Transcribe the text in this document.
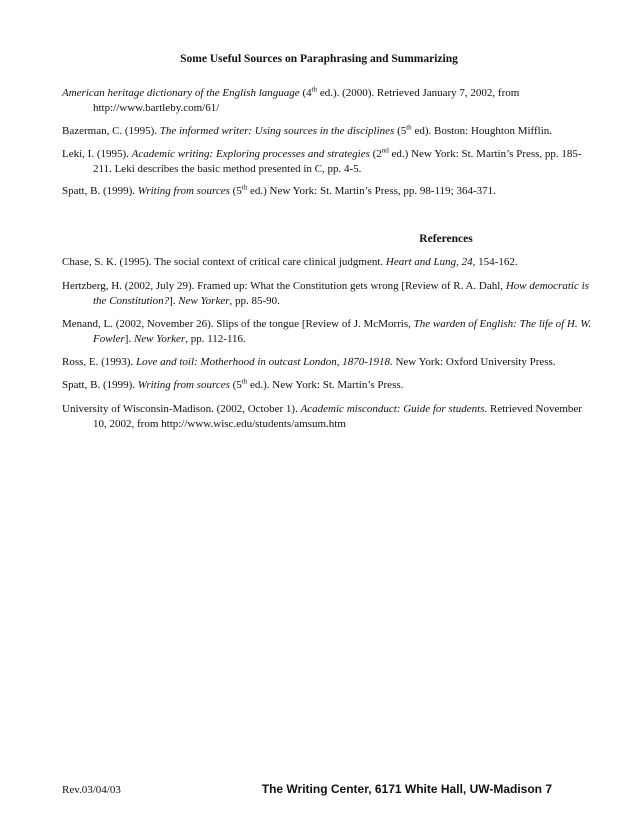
Some Useful Sources on Paraphrasing and Summarizing
American heritage dictionary of the English language (4th ed.). (2000). Retrieved January 7, 2002, from http://www.bartleby.com/61/
Bazerman, C. (1995). The informed writer: Using sources in the disciplines (5th ed). Boston: Houghton Mifflin.
Leki, I. (1995). Academic writing: Exploring processes and strategies (2nd ed.) New York: St. Martin’s Press, pp. 185-211. Leki describes the basic method presented in C, pp. 4-5.
Spatt, B. (1999). Writing from sources (5th ed.) New York: St. Martin’s Press, pp. 98-119; 364-371.
References
Chase, S. K. (1995). The social context of critical care clinical judgment. Heart and Lung, 24, 154-162.
Hertzberg, H. (2002, July 29). Framed up: What the Constitution gets wrong [Review of R. A. Dahl, How democratic is the Constitution?]. New Yorker, pp. 85-90.
Menand, L. (2002, November 26). Slips of the tongue [Review of J. McMorris, The warden of English: The life of H. W. Fowler]. New Yorker, pp. 112-116.
Ross, E. (1993). Love and toil: Motherhood in outcast London, 1870-1918. New York: Oxford University Press.
Spatt, B. (1999). Writing from sources (5th ed.). New York: St. Martin’s Press.
University of Wisconsin-Madison. (2002, October 1). Academic misconduct: Guide for students. Retrieved November 10, 2002, from http://www.wisc.edu/students/amsum.htm
Rev.03/04/03	The Writing Center, 6171 White Hall, UW-Madison 7
